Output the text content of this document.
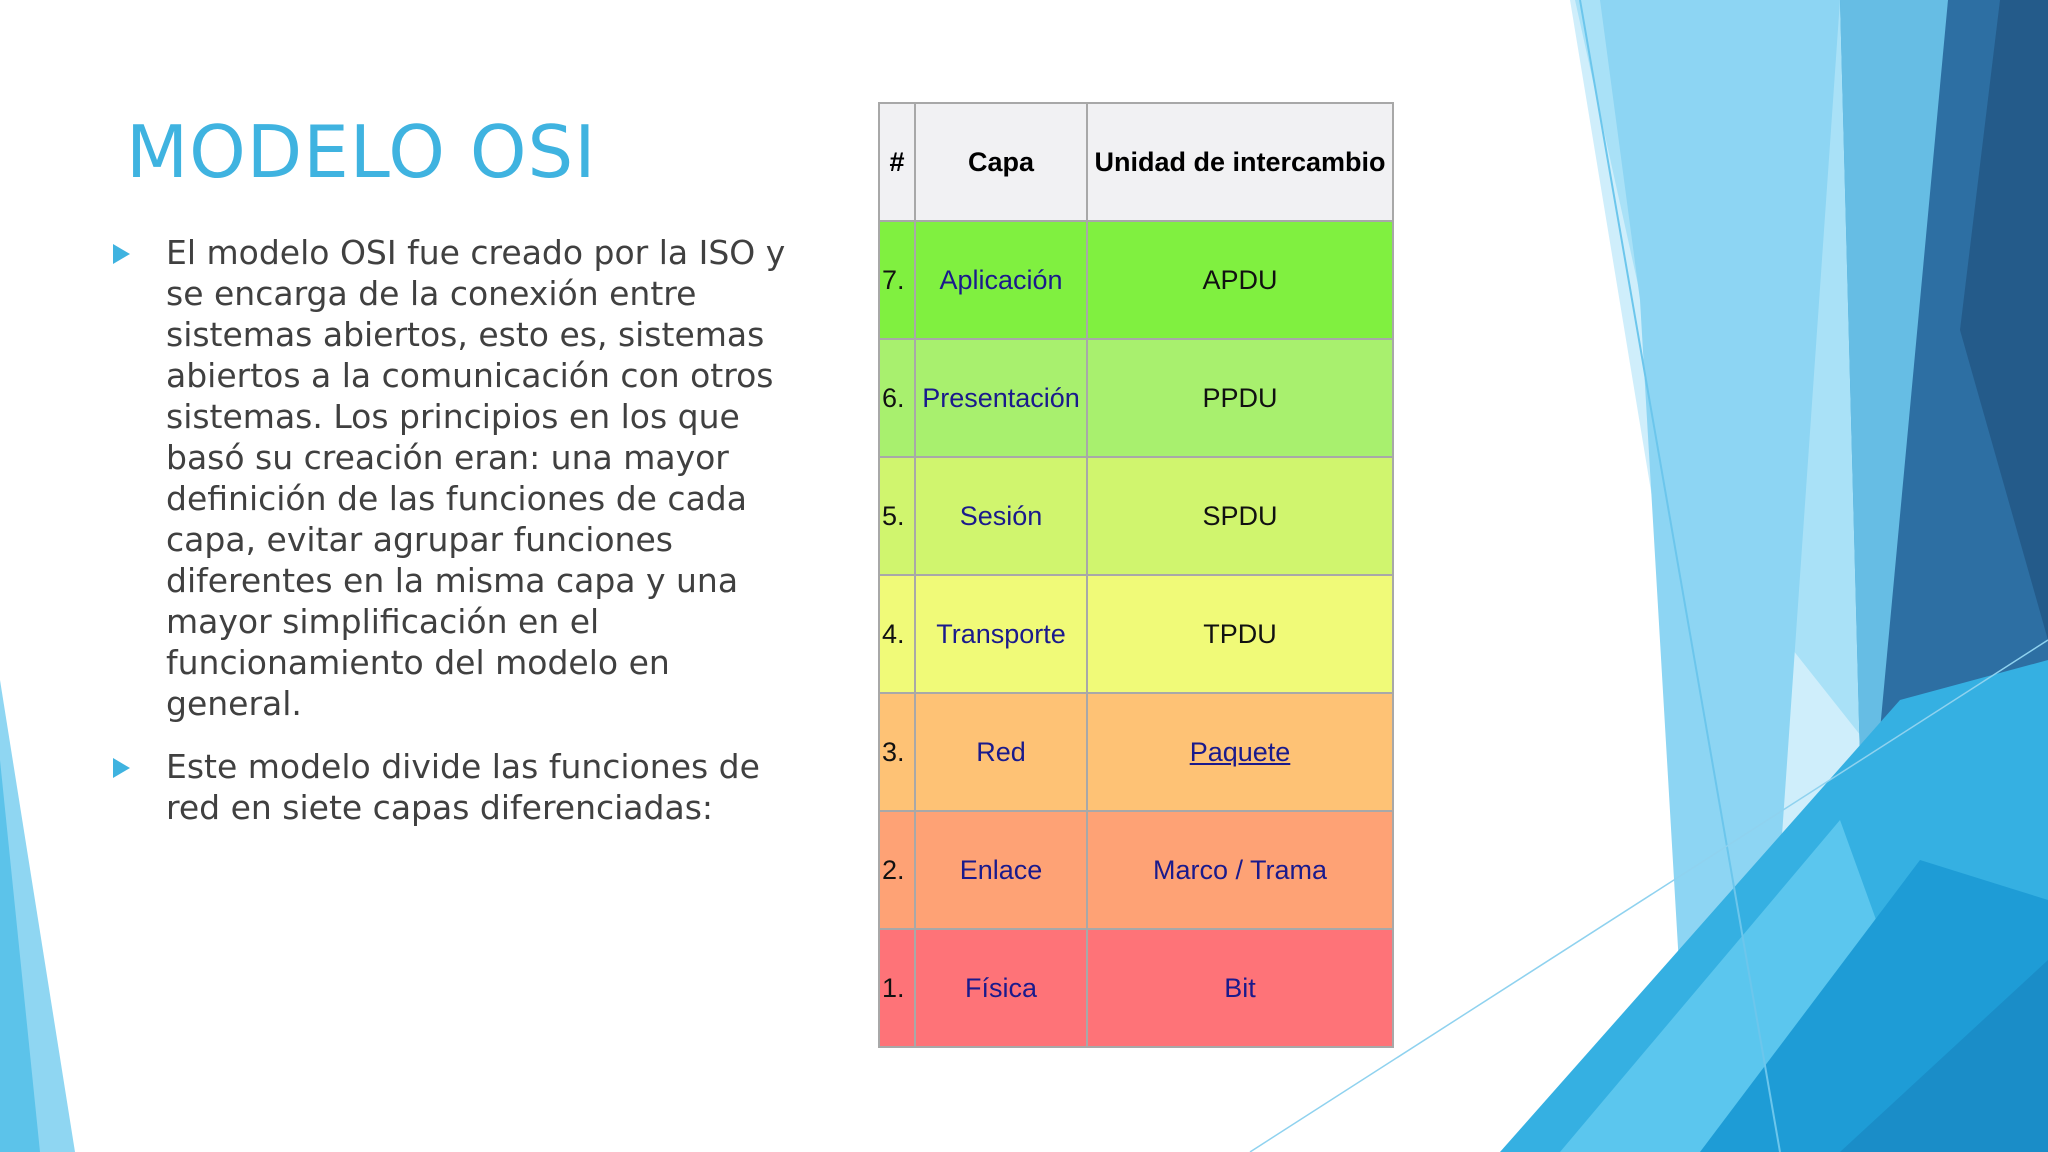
MODELO OSI
El modelo OSI fue creado por la ISO y se encarga de la conexión entre sistemas abiertos, esto es, sistemas abiertos a la comunicación con otros sistemas. Los principios en los que basó su creación eran: una mayor definición de las funciones de cada capa, evitar agrupar funciones diferentes en la misma capa y una mayor simplificación en el funcionamiento del modelo en general.
Este modelo divide las funciones de red en siete capas diferenciadas:
#	Capa	Unidad de intercambio
7.	Aplicación	APDU
6.	Presentación	PPDU
5.	Sesión	SPDU
4.	Transporte	TPDU
3.	Red	Paquete
2.	Enlace	Marco / Trama
1.	Física	Bit
